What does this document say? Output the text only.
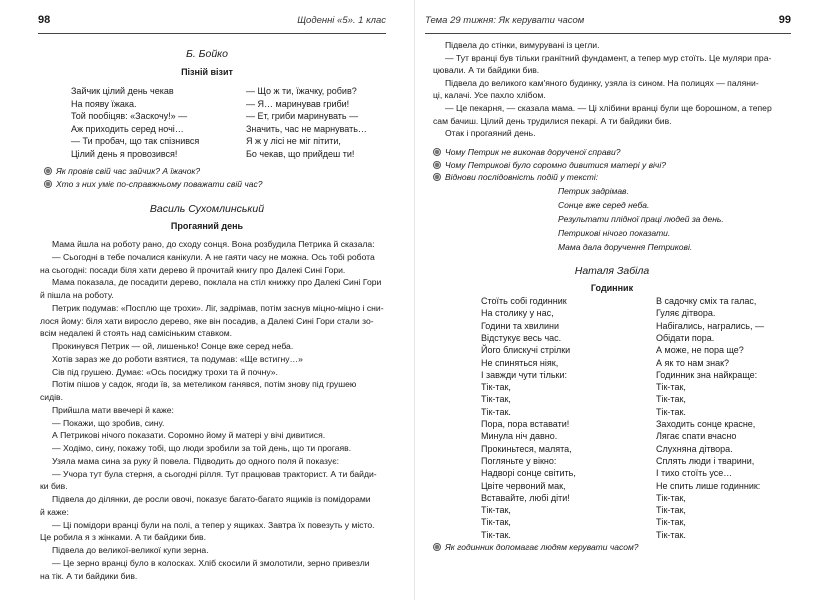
98	Щоденні «5». 1 клас
Б. Бойко
Пізній візит
Зайчик цілий день чекав
На появу їжака.
Той пообіцяв: «Заскочу!» —
Аж приходить серед ночі…
— Ти пробач, що так спізнився
Цілий день я провозився!
— Що ж ти, їжачку, робив?
— Я… маринував гриби!
— Ет, гриби маринувать —
Значить, час не марнувать…
Я ж у лісі не міг пітити,
Бо чекав, що прийдеш ти!
Як провів свій час зайчик? А їжачок?
Хто з них уміє по-справжньому поважати свій час?
Василь Сухомлинський
Прогаяний день
Мама йшла на роботу рано, до сходу сонця. Вона розбудила Петрика й сказала:
— Сьогодні в тебе почалися канікули. А не гаяти часу не можна. Ось тобі робота
на сьогодні: посади біля хати дерево й прочитай книгу про Далекі Сині Гори.
Мама показала, де посадити дерево, поклала на стіл книжку про Далекі Сині Гори
й пішла на роботу.
Петрик подумав: «Посплю ще трохи». Ліг, задрімав, потім заснув міцно-міцно і сни-
лося йому: біля хати виросло дерево, яке він посадив, а Далекі Сині Гори стали зо-
всім недалекі й стоять над самісіньким ставком.
Прокинувся Петрик — ой, лишенько! Сонце вже серед неба.
Хотів зараз же до роботи взятися, та подумав: «Ще встигну…»
Сів під грушею. Думає: «Ось посиджу трохи та й почну».
Потім пішов у садок, ягоди їв, за метеликом ганявся, потім знову під грушею
сидів.
Прийшла мати ввечері й каже:
— Покажи, що зробив, сину.
А Петрикові нічого показати. Соромно йому й матері у вічі дивитися.
— Ходімо, сину, покажу тобі, що люди зробили за той день, що ти прогаяв.
Узяла мама сина за руку й повела. Підводить до одного поля й показує:
— Учора тут була стерня, а сьогодні рілля. Тут працював тракторист. А ти байди-
ки бив.
Підвела до ділянки, де росли овочі, показує багато-багато ящиків із помідорами
й каже:
— Ці помідори вранці були на полі, а тепер у ящиках. Завтра їх повезуть у місто.
Це робила я з жінками. А ти байдики бив.
Підвела до великої-великої купи зерна.
— Це зерно вранці було в колосках. Хліб скосили й змолотили, зерно привезли
на тік. А ти байдики бив.
Тема 29 тижня: Як керувати часом	99
Підвела до стінки, вимурувані із цегли.
— Тут вранці був тільки гранітний фундамент, а тепер мур стоїть. Це муляри пра-
цювали. А ти байдики бив.
Підвела до великого кам'яного будинку, узяла із сином. На полицях — паляни-
ці, калачі. Усе пахло хлібом.
— Це пекарня, — сказала мама. — Ці хлібини вранці були ще борошном, а тепер
сам бачиш. Цілий день трудилися пекарі. А ти байдики бив.
Отак і прогаяний день.
Чому Петрик не виконав дорученої справи?
Чому Петрикові було соромно дивитися матері у вічі?
Віднови послідовність подій у тексті:
Петрик задрімав.
Сонце вже серед неба.
Результати плідної праці людей за день.
Петрикові нічого показати.
Мама дала доручення Петрикові.
Наталя Забіла
Годинник
Стоїть собі годинник
На столику у нас,
Години та хвилини
Відстукує весь час.
Його блискучі стрілки
Не спиняться ніяк,
І завжди чути тільки:
Тік-так,
Тік-так,
Тік-так.
Пора, пора вставати!
Минула ніч давно.
Прокиньтеся, малята,
Погляньте у вікно:
Надворі сонце світить,
Цвіте червоний мак,
Вставайте, любі діти!
Тік-так,
Тік-так,
Тік-так.
В садочку сміх та галас,
Гуляє дітвора.
Набігались, награлись, —
Обідати пора.
А може, не пора ще?
А як то нам знак?
Годинник зна найкраще:
Тік-так,
Тік-так,
Тік-так.
Заходить сонце красне,
Лягає спати вчасно
Слухняна дітвора.
Сплять люди і тварини,
І тихо стоїть усе…
Не спить лише годинник:
Тік-так,
Тік-так,
Тік-так,
Тік-так.
Як годинник допомагає людям керувати часом?
